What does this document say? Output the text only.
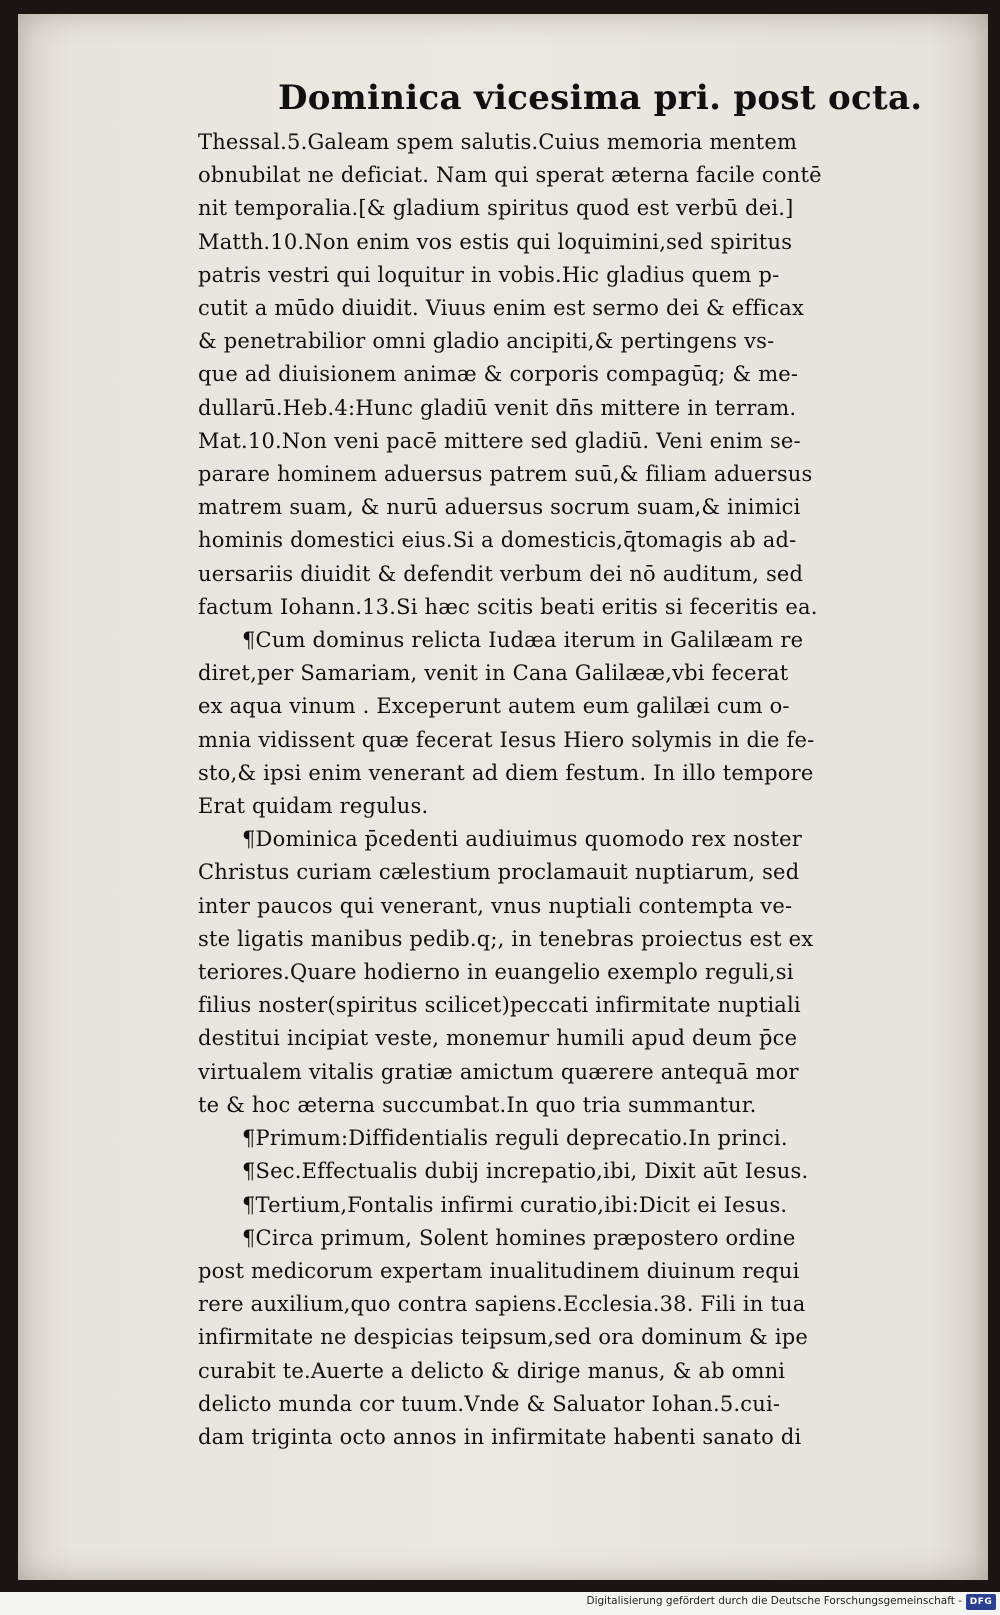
Dominica vicesima pri. post octa.
Thessal.5.Galeam spem salutis.Cuius memoria mentem
obnubilat ne deficiat. Nam qui sperat æterna facile contē
nit temporalia.[& gladium spiritus quod est verbū dei.]
Matth.10.Non enim vos estis qui loquimini,sed spiritus
patris vestri qui loquitur in vobis.Hic gladius quem p-
cutit a mūdo diuidit. Viuus enim est sermo dei & efficax
& penetrabilior omni gladio ancipiti,& pertingens vs-
que ad diuisionem animæ & corporis compagūq; & me-
dullarū.Heb.4:Hunc gladiū venit dn̄s mittere in terram.
Mat.10.Non veni pacē mittere sed gladiū. Veni enim se-
parare hominem aduersus patrem suū,& filiam aduersus
matrem suam, & nurū aduersus socrum suam,& inimici
hominis domestici eius.Si a domesticis,q̄tomagis ab ad-
uersariis diuidit & defendit verbum dei nō auditum, sed
factum Iohann.13.Si hæc scitis beati eritis si feceritis ea.
¶Cum dominus relicta Iudæa iterum in Galilæam re
diret,per Samariam, venit in Cana Galilææ,vbi fecerat
ex aqua vinum . Exceperunt autem eum galilæi cum o-
mnia vidissent quæ fecerat Iesus Hiero solymis in die fe-
sto,& ipsi enim venerant ad diem festum. In illo tempore
Erat quidam regulus.
¶Dominica p̄cedenti audiuimus quomodo rex noster
Christus curiam cælestium proclamauit nuptiarum, sed
inter paucos qui venerant, vnus nuptiali contempta ve-
ste ligatis manibus pedib.q;, in tenebras proiectus est ex
teriores.Quare hodierno in euangelio exemplo reguli,si
filius noster(spiritus scilicet)peccati infirmitate nuptiali
destitui incipiat veste, monemur humili apud deum p̄ce
virtualem vitalis gratiæ amictum quærere antequā mor
te & hoc æterna succumbat.In quo tria summantur.
¶Primum:Diffidentialis reguli deprecatio.In princi.
¶Sec.Effectualis dubij increpatio,ibi, Dixit aūt Iesus.
¶Tertium,Fontalis infirmi curatio,ibi:Dicit ei Iesus.
¶Circa primum, Solent homines præpostero ordine
post medicorum expertam inualitudinem diuinum requi
rere auxilium,quo contra sapiens.Ecclesia.38. Fili in tua
infirmitate ne despicias teipsum,sed ora dominum & ipe
curabit te.Auerte a delicto & dirige manus, & ab omni
delicto munda cor tuum.Vnde & Saluator Iohan.5.cui-
dam triginta octo annos in infirmitate habenti sanato di
Digitalisierung gefördert durch die Deutsche Forschungsgemeinschaft - DFG
